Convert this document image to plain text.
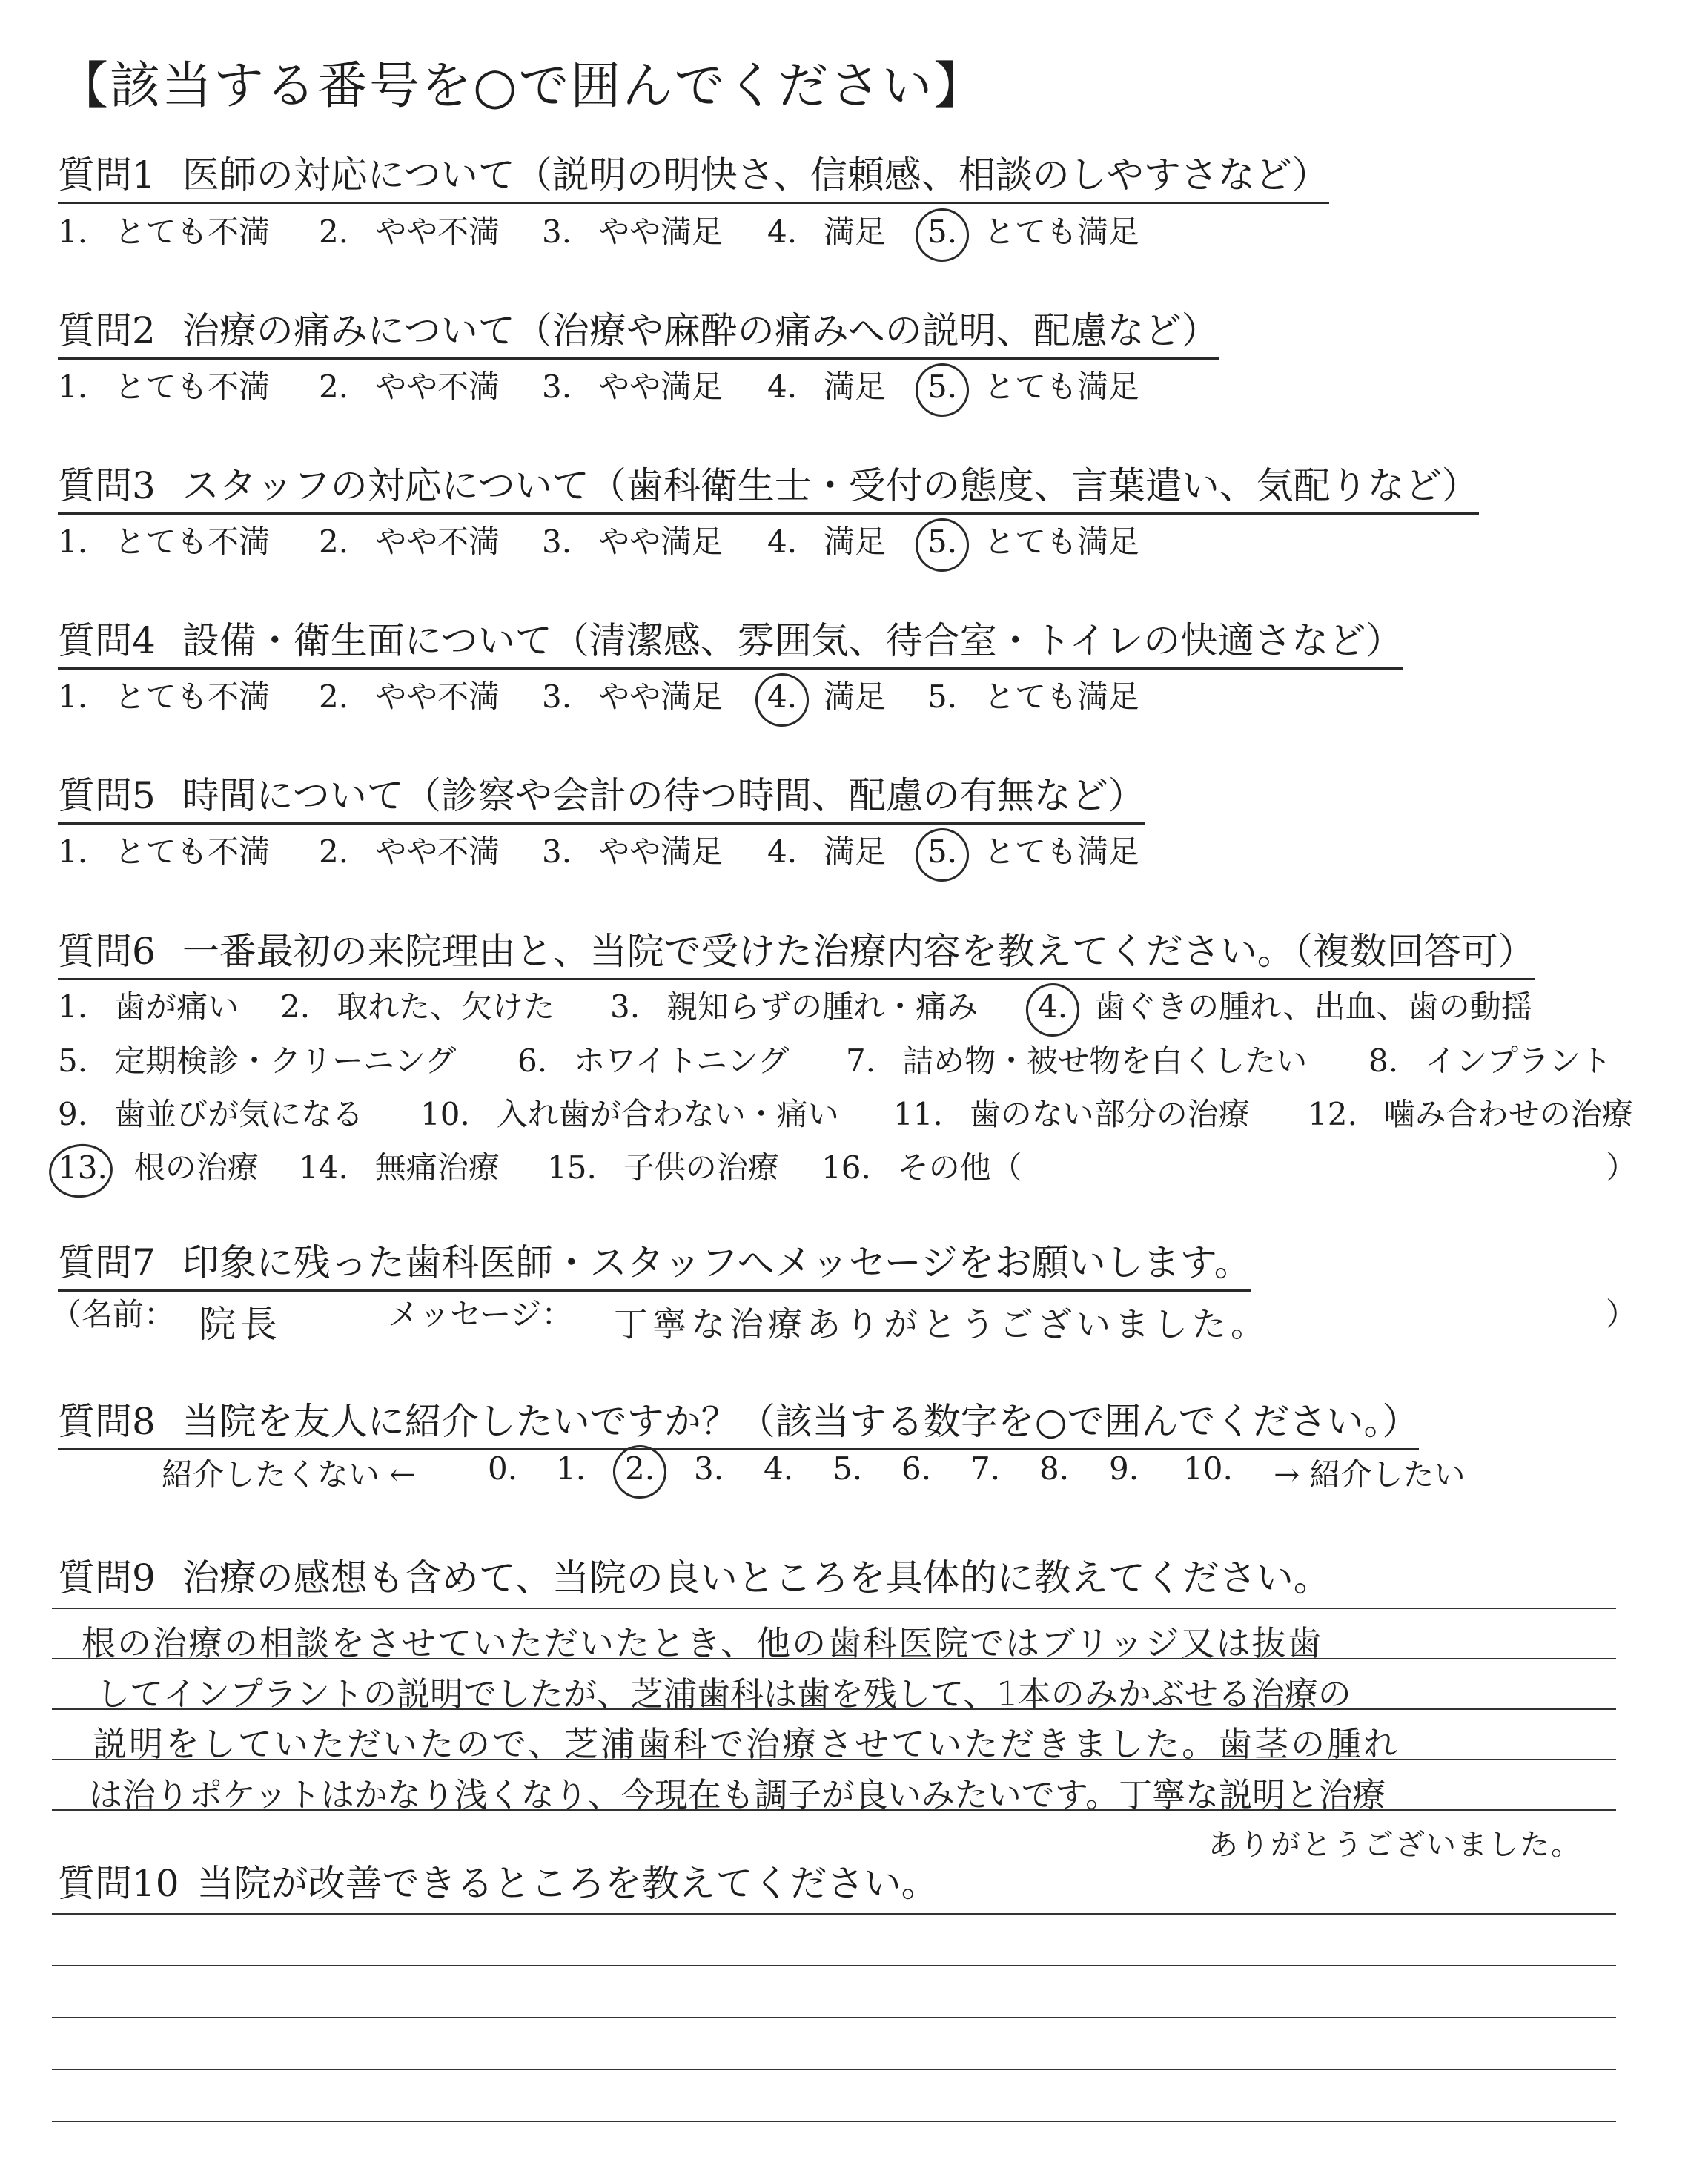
【該当する番号を○で囲んでください】
質問1 医師の対応について（説明の明快さ、信頼感、相談のしやすさなど）
1. とても不満 2. やや不満 3. やや満足 4. 満足 5. とても満足
質問2 治療の痛みについて（治療や麻酔の痛みへの説明、配慮など）
1. とても不満 2. やや不満 3. やや満足 4. 満足 5. とても満足
質問3 スタッフの対応について（歯科衛生士・受付の態度、言葉遣い、気配りなど）
1. とても不満 2. やや不満 3. やや満足 4. 満足 5. とても満足
質問4 設備・衛生面について（清潔感、雰囲気、待合室・トイレの快適さなど）
1. とても不満 2. やや不満 3. やや満足 4. 満足 5. とても満足
質問5 時間について（診察や会計の待つ時間、配慮の有無など）
1. とても不満 2. やや不満 3. やや満足 4. 満足 5. とても満足
質問6 一番最初の来院理由と、当院で受けた治療内容を教えてください。（複数回答可）
1. 歯が痛い 2. 取れた、欠けた 3. 親知らずの腫れ・痛み 4. 歯ぐきの腫れ、出血、歯の動揺
5. 定期検診・クリーニング 6. ホワイトニング 7. 詰め物・被せ物を白くしたい 8. インプラント
9. 歯並びが気になる 10. 入れ歯が合わない・痛い 11. 歯のない部分の治療 12. 噛み合わせの治療
13. 根の治療 14. 無痛治療 15. 子供の治療 16. その他（	）
質問7 印象に残った歯科医師・スタッフへメッセージをお願いします。
（名前： 院長	メッセージ： 丁寧な治療ありがとうございました。	）
質問8 当院を友人に紹介したいですか？（該当する数字を○で囲んでください。）
紹介したくない ← 0. 1. 2.	3. 4. 5. 6. 7. 8. 9. 10. → 紹介したい
質問9 治療の感想も含めて、当院の良いところを具体的に教えてください。
根の治療の相談をさせていただいたとき、他の歯科医院ではブリッジ又は抜歯
してインプラントの説明でしたが、芝浦歯科は歯を残して、1本のみかぶせる治療の
説明をしていただいたので、芝浦歯科で治療させていただきました。歯茎の腫れ
は治りポケットはかなり浅くなり、今現在も調子が良いみたいです。丁寧な説明と治療
ありがとうございました。
質問10 当院が改善できるところを教えてください。
